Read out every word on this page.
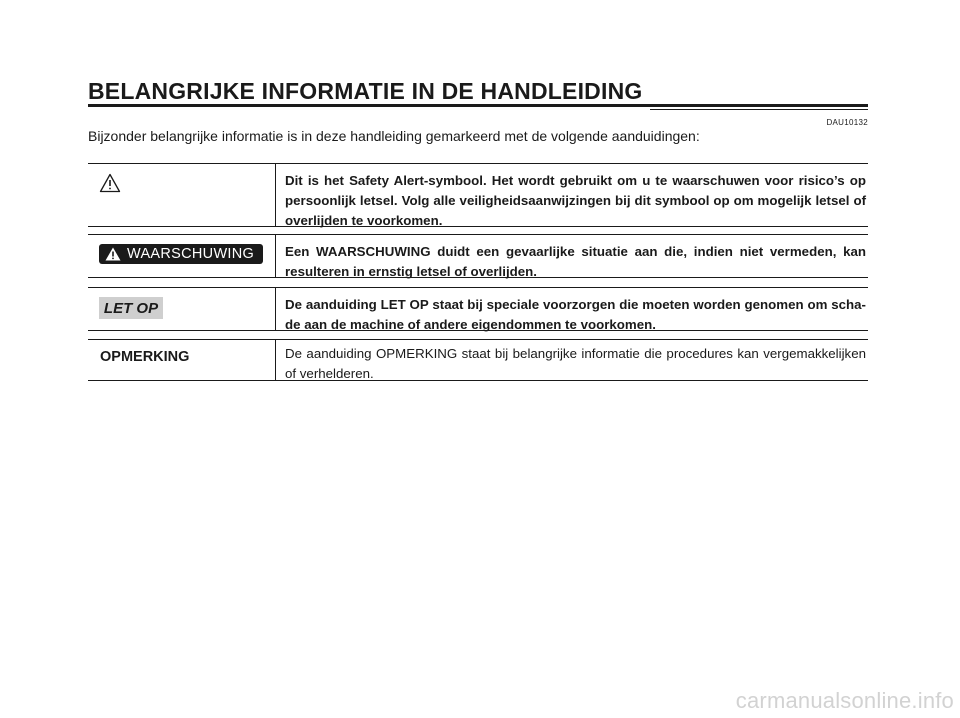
BELANGRIJKE INFORMATIE IN DE HANDLEIDING
DAU10132

Bijzonder belangrijke informatie is in deze handleiding gemarkeerd met de volgende aanduidingen:

Dit is het Safety Alert-symbool. Het wordt gebruikt om u te waarschuwen voor risico’s op persoonlijk letsel. Volg alle veiligheidsaanwijzingen bij dit symbool op om mogelijk letsel of overlijden te voorkomen.

WAARSCHUWING Een WAARSCHUWING duidt een gevaarlijke situatie aan die, indien niet vermeden, kan resulteren in ernstig letsel of overlijden.

LET OP	De aanduiding LET OP staat bij speciale voorzorgen die moeten worden genomen om scha- de aan de machine of andere eigendommen te voorkomen.

OPMERKING	De aanduiding OPMERKING staat bij belangrijke informatie die procedures kan vergemakkelijken of verhelderen.

carmanualsonline.info
